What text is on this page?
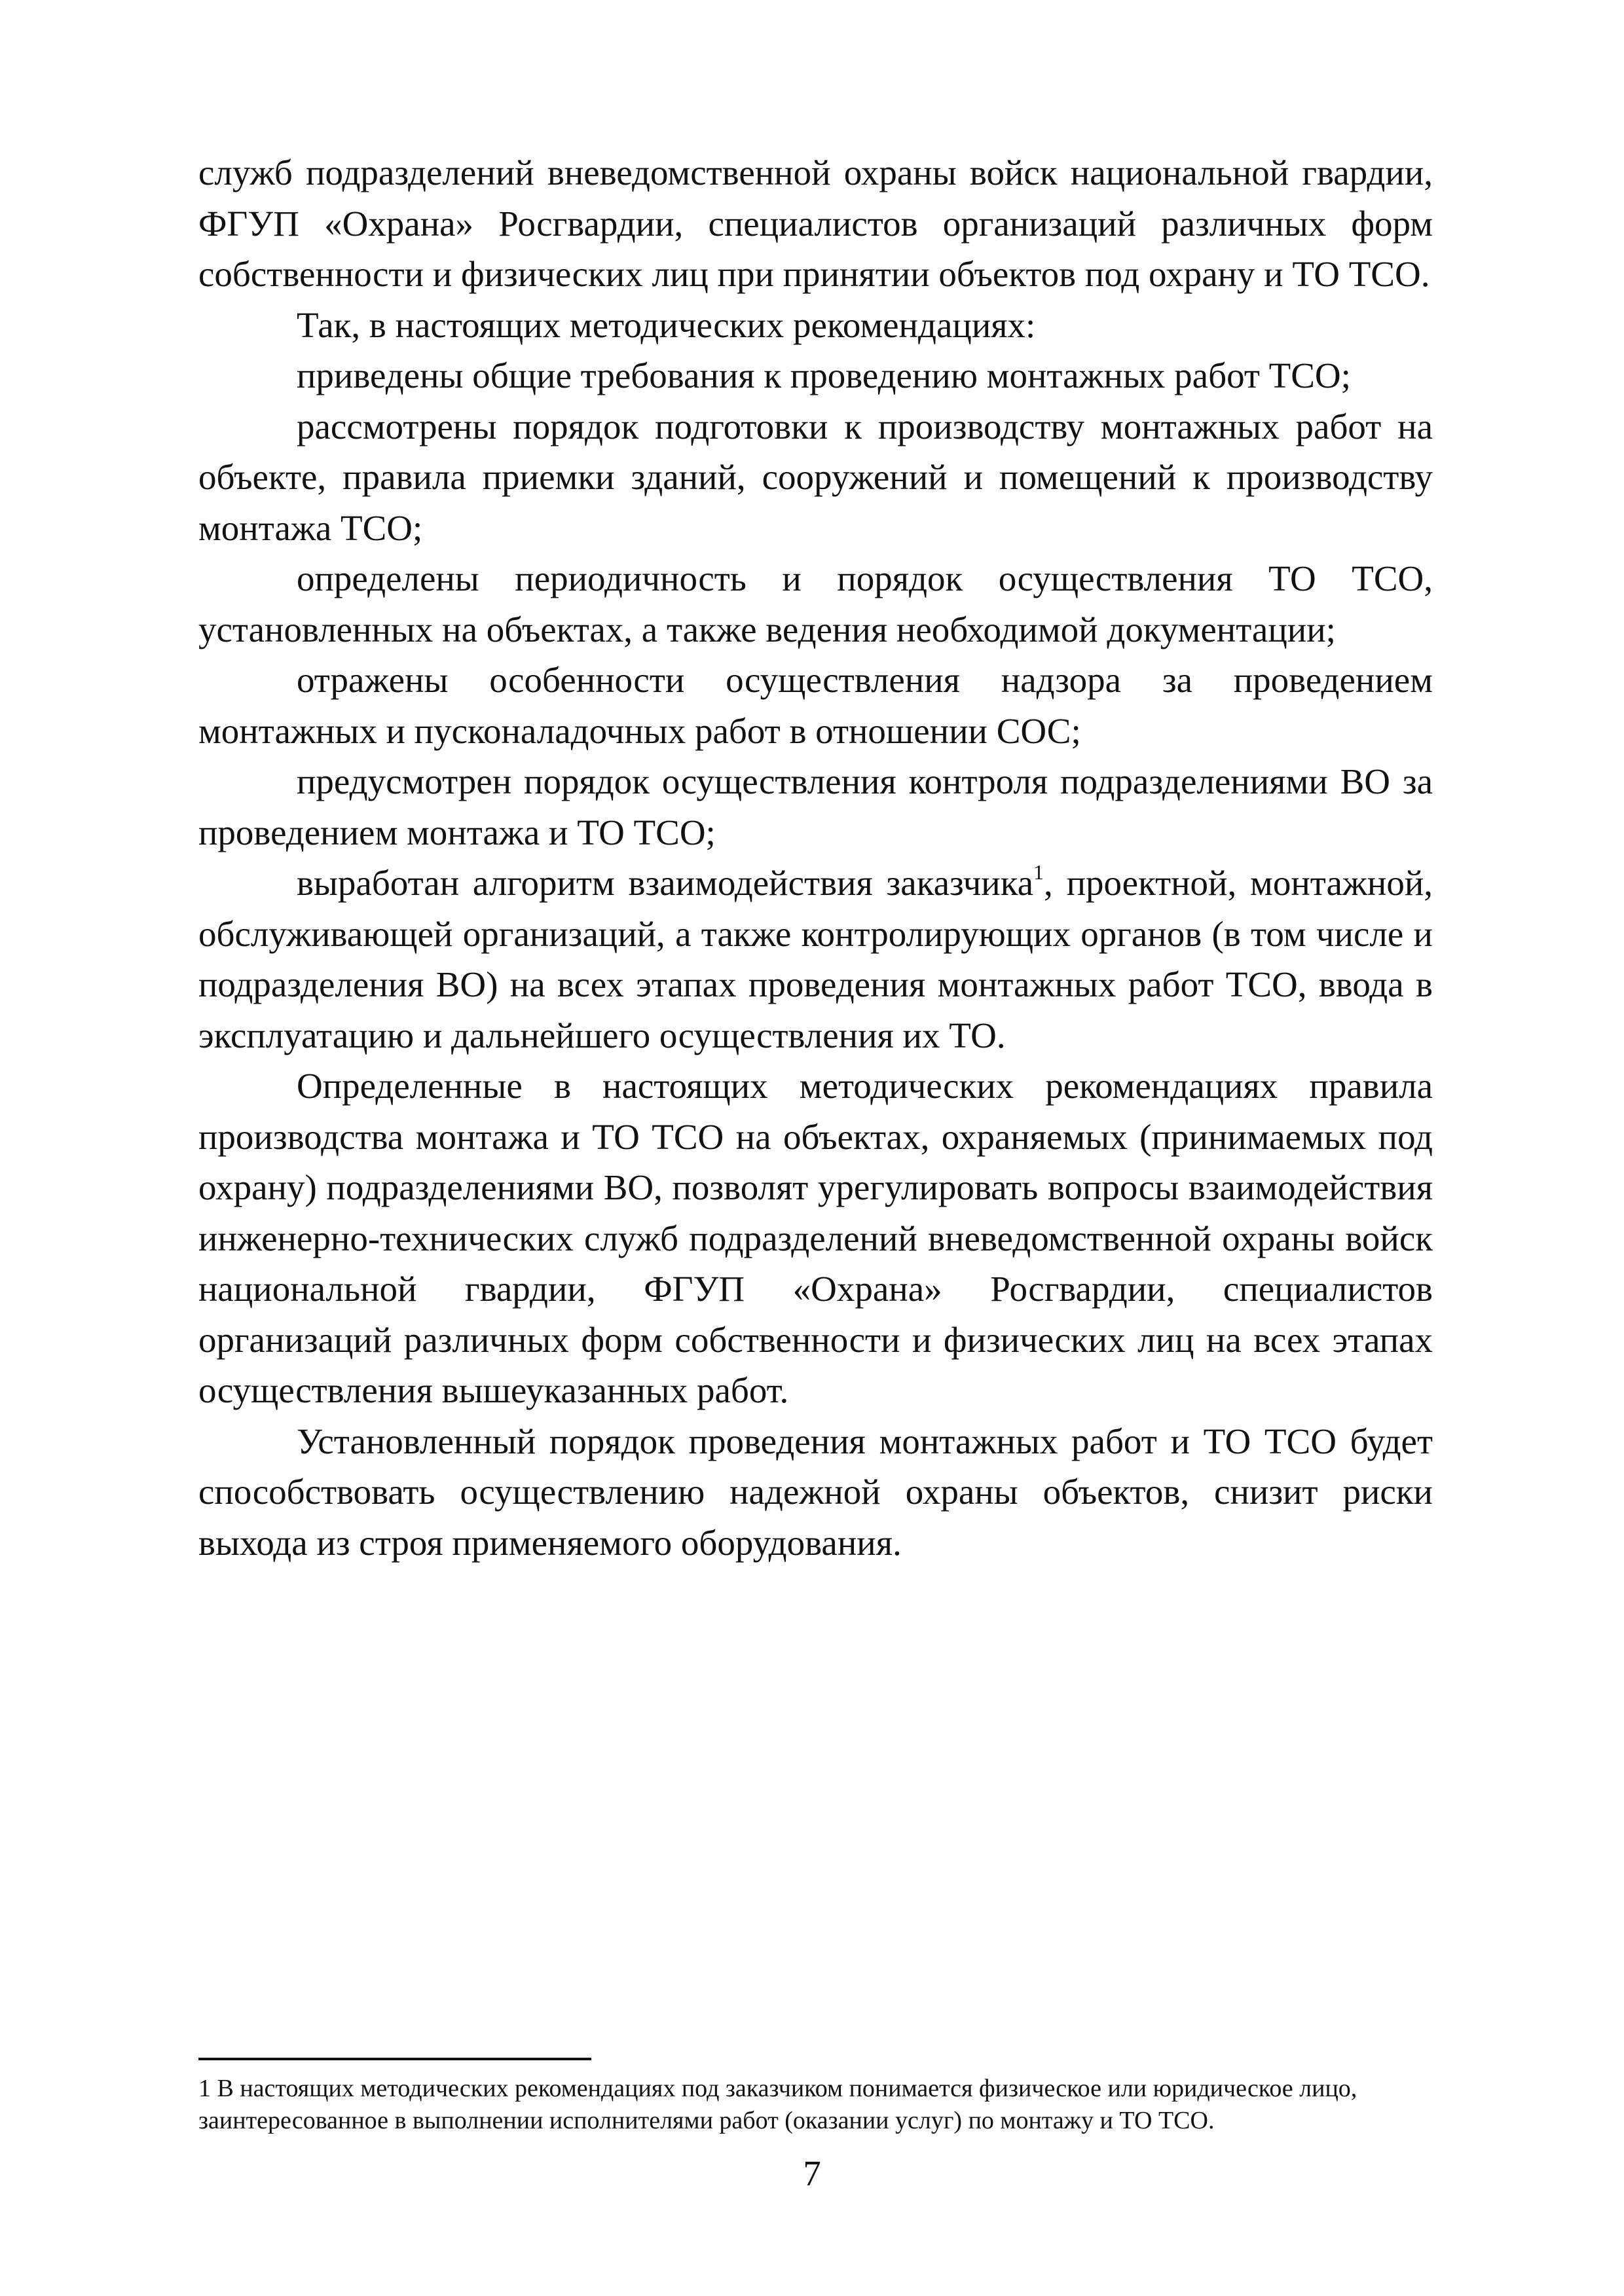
служб подразделений вневедомственной охраны войск национальной гвардии, ФГУП «Охрана» Росгвардии, специалистов организаций различных форм собственности и физических лиц при принятии объектов под охрану и ТО ТСО.

Так, в настоящих методических рекомендациях:

приведены общие требования к проведению монтажных работ ТСО;

рассмотрены порядок подготовки к производству монтажных работ на объекте, правила приемки зданий, сооружений и помещений к производству монтажа ТСО;

определены периодичность и порядок осуществления ТО ТСО, установленных на объектах, а также ведения необходимой документации;

отражены особенности осуществления надзора за проведением монтажных и пусконаладочных работ в отношении СОС;

предусмотрен порядок осуществления контроля подразделениями ВО за проведением монтажа и ТО ТСО;

выработан алгоритм взаимодействия заказчика$^1$, проектной, монтажной, обслуживающей организаций, а также контролирующих органов (в том числе и подразделения ВО) на всех этапах проведения монтажных работ ТСО, ввода в эксплуатацию и дальнейшего осуществления их ТО.

Определенные в настоящих методических рекомендациях правила производства монтажа и ТО ТСО на объектах, охраняемых (принимаемых под охрану) подразделениями ВО, позволят урегулировать вопросы взаимодействия инженерно-технических служб подразделений вневедомственной охраны войск национальной гвардии, ФГУП «Охрана» Росгвардии, специалистов организаций различных форм собственности и физических лиц на всех этапах осуществления вышеуказанных работ.

Установленный порядок проведения монтажных работ и ТО ТСО будет способствовать осуществлению надежной охраны объектов, снизит риски выхода из строя применяемого оборудования.

1 В настоящих методических рекомендациях под заказчиком понимается физическое или юридическое лицо, заинтересованное в выполнении исполнителями работ (оказании услуг) по монтажу и ТО ТСО.
7
